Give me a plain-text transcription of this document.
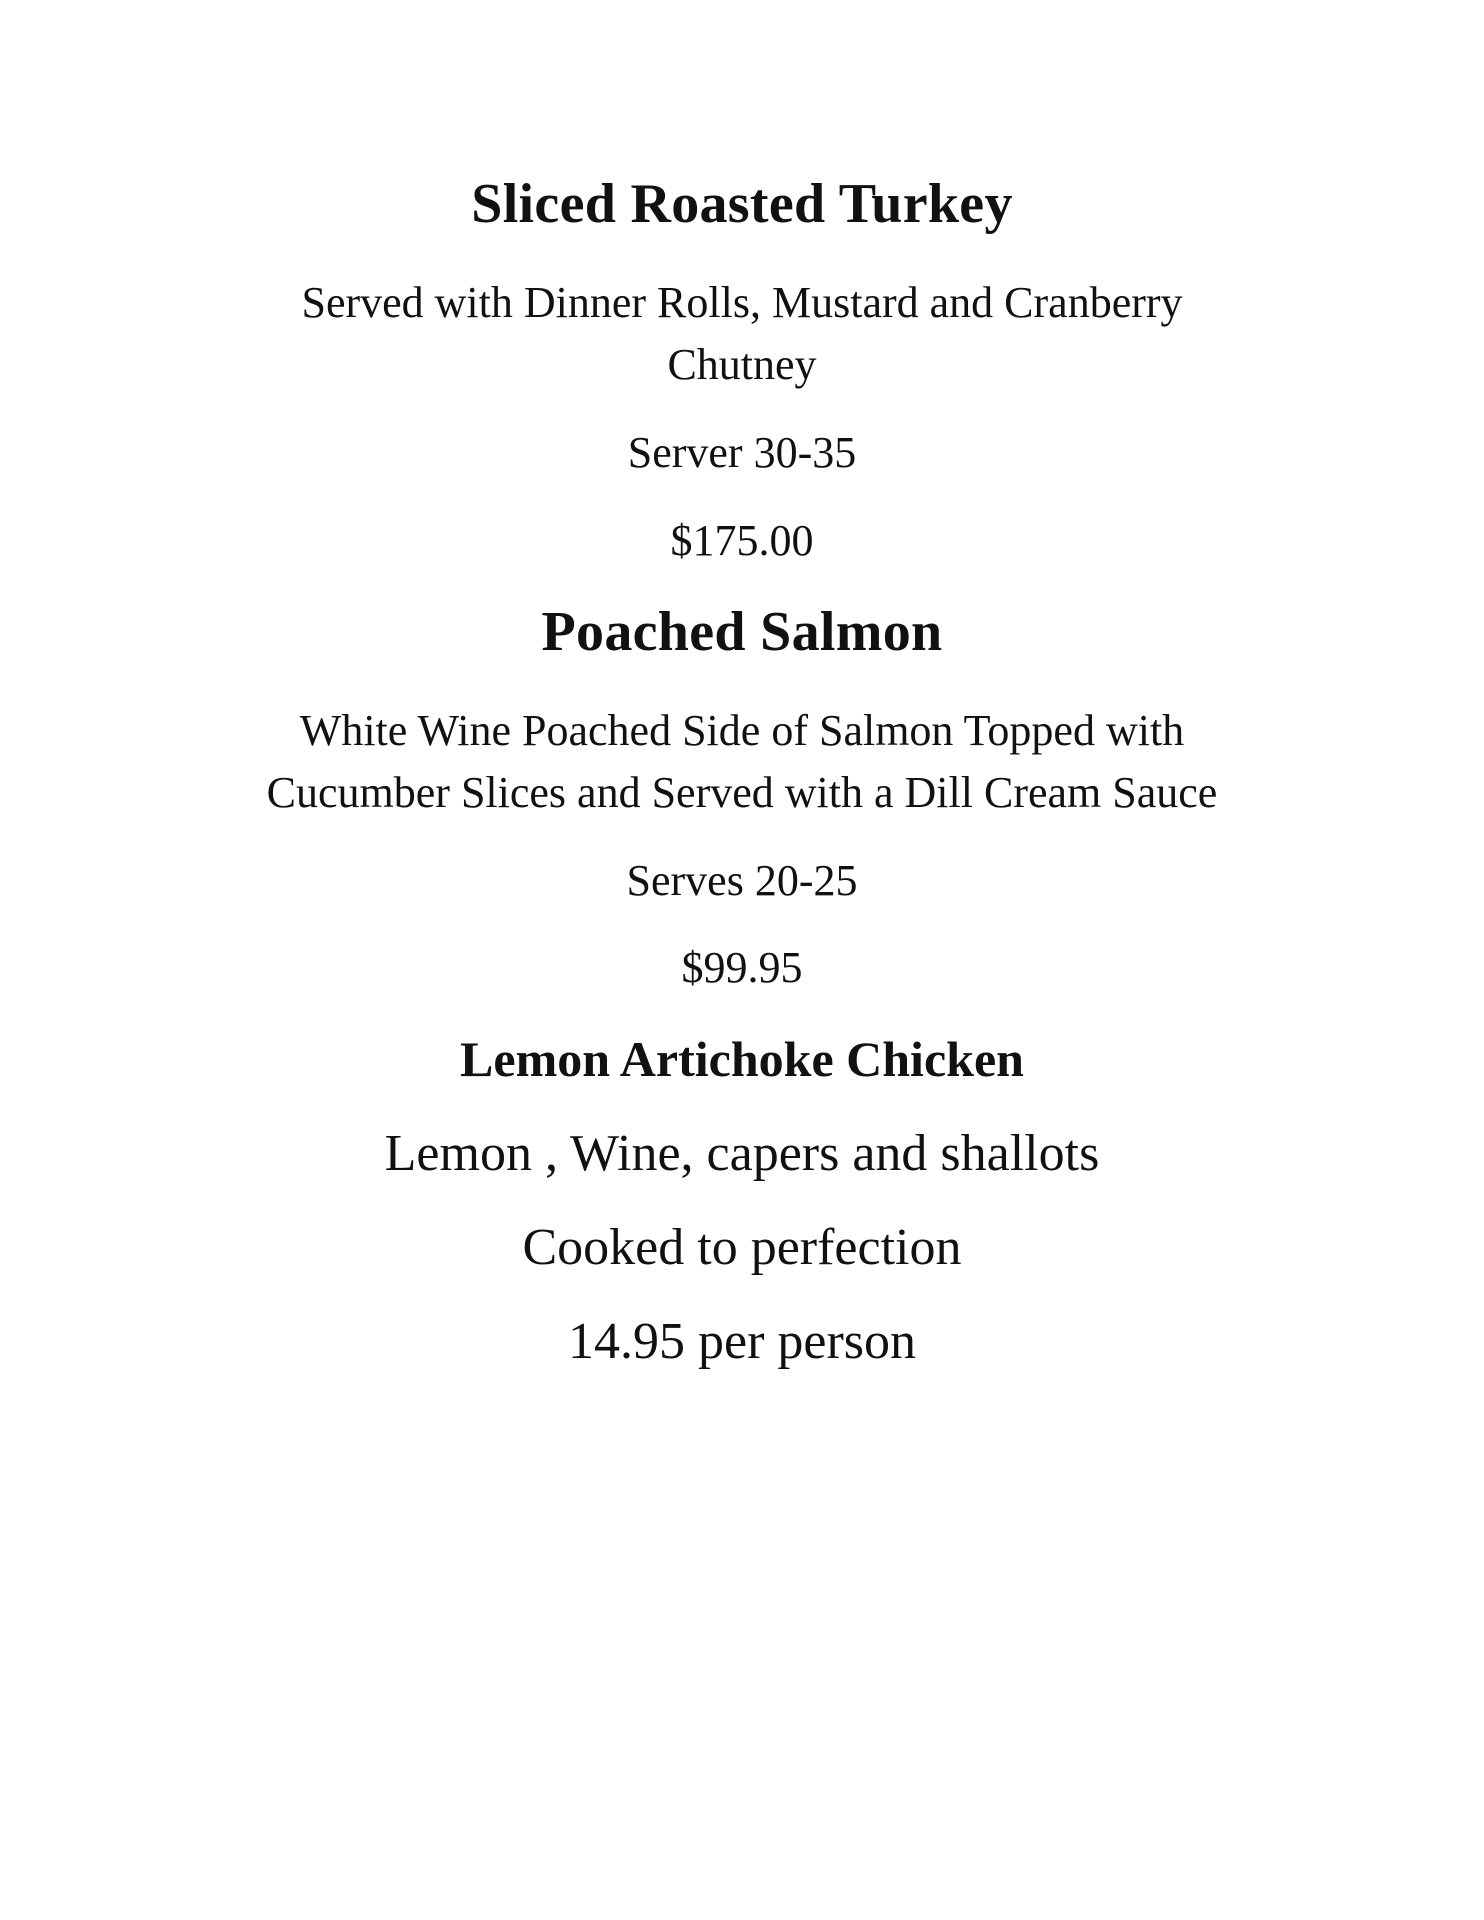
Sliced Roasted Turkey
Served with Dinner Rolls, Mustard and Cranberry
Chutney
Server 30-35
$175.00
Poached Salmon
White Wine Poached Side of Salmon Topped with
Cucumber Slices and Served with a Dill Cream Sauce
Serves 20-25
$99.95
Lemon Artichoke Chicken
Lemon , Wine, capers and shallots
Cooked to perfection
14.95 per person
